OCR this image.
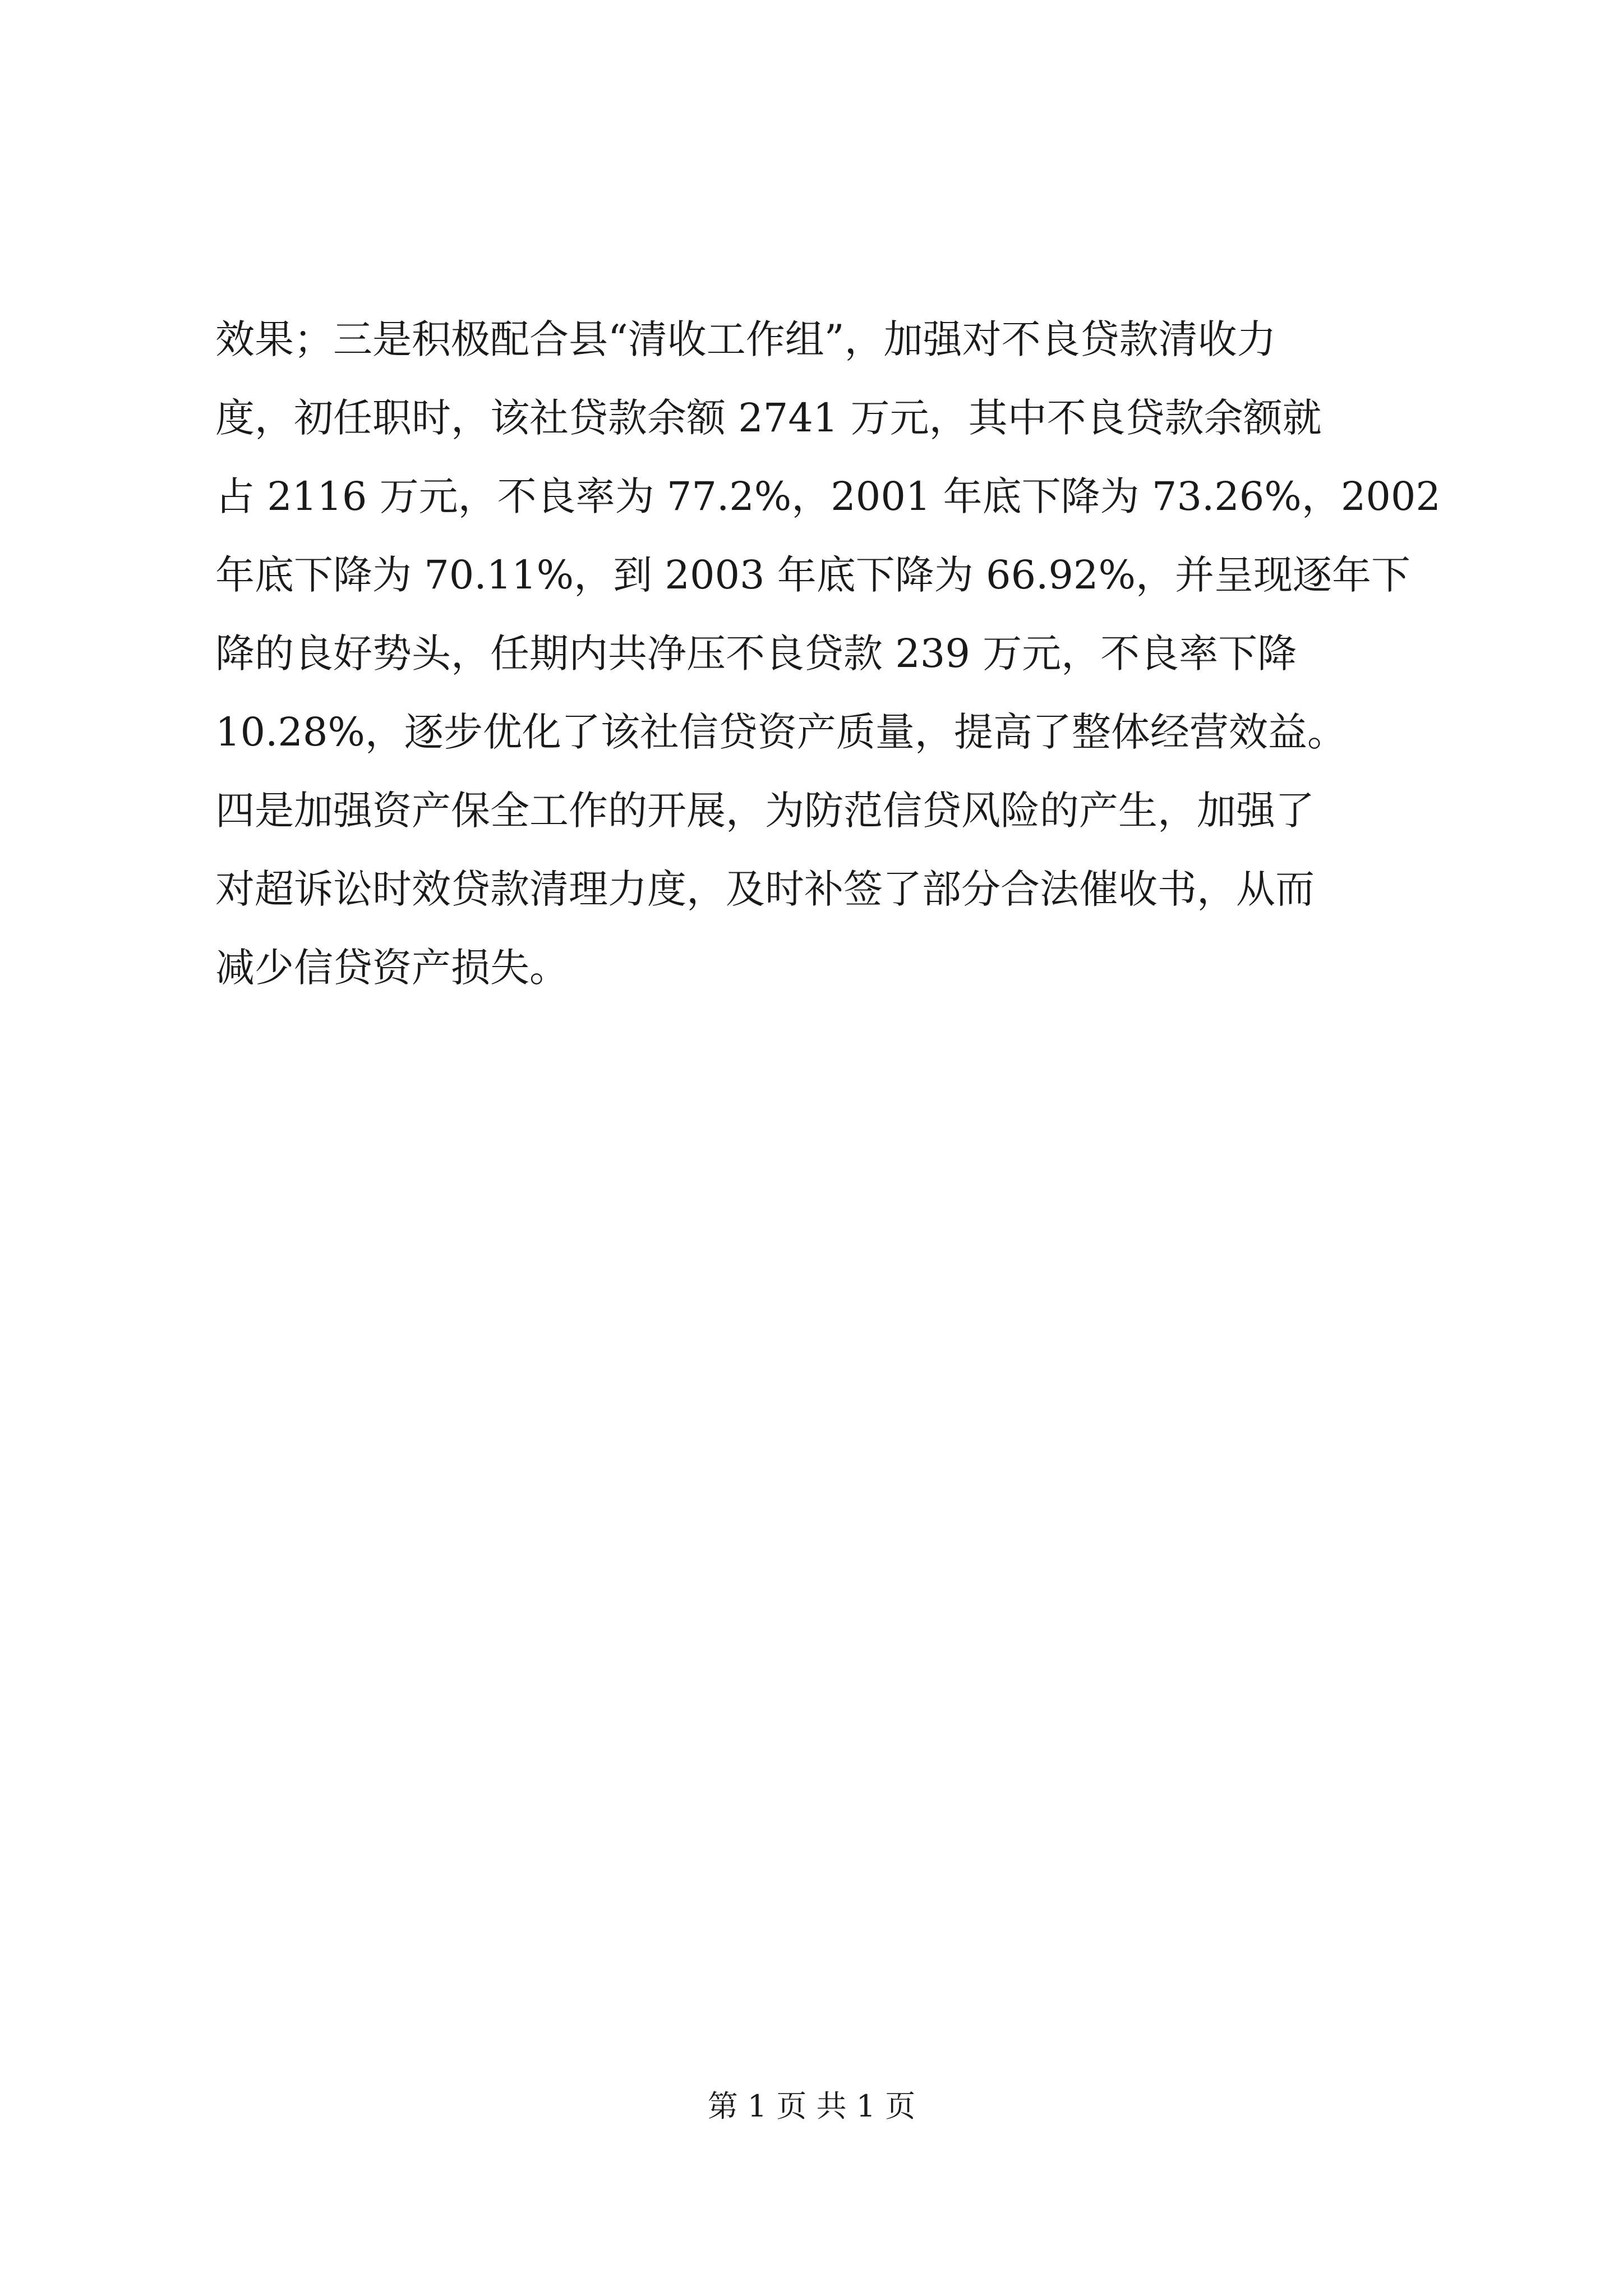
效果；三是积极配合县“清收工作组”，加强对不良贷款清收力
度，初任职时，该社贷款余额 2741 万元，其中不良贷款余额就
占 2116 万元，不良率为 77.2%，2001 年底下降为 73.26%，2002
年底下降为 70.11%，到 2003 年底下降为 66.92%，并呈现逐年下
降的良好势头，任期内共净压不良贷款 239 万元，不良率下降
10.28%，逐步优化了该社信贷资产质量，提高了整体经营效益。
四是加强资产保全工作的开展，为防范信贷风险的产生，加强了
对超诉讼时效贷款清理力度，及时补签了部分合法催收书，从而
减少信贷资产损失。
第 1 页 共 1 页
